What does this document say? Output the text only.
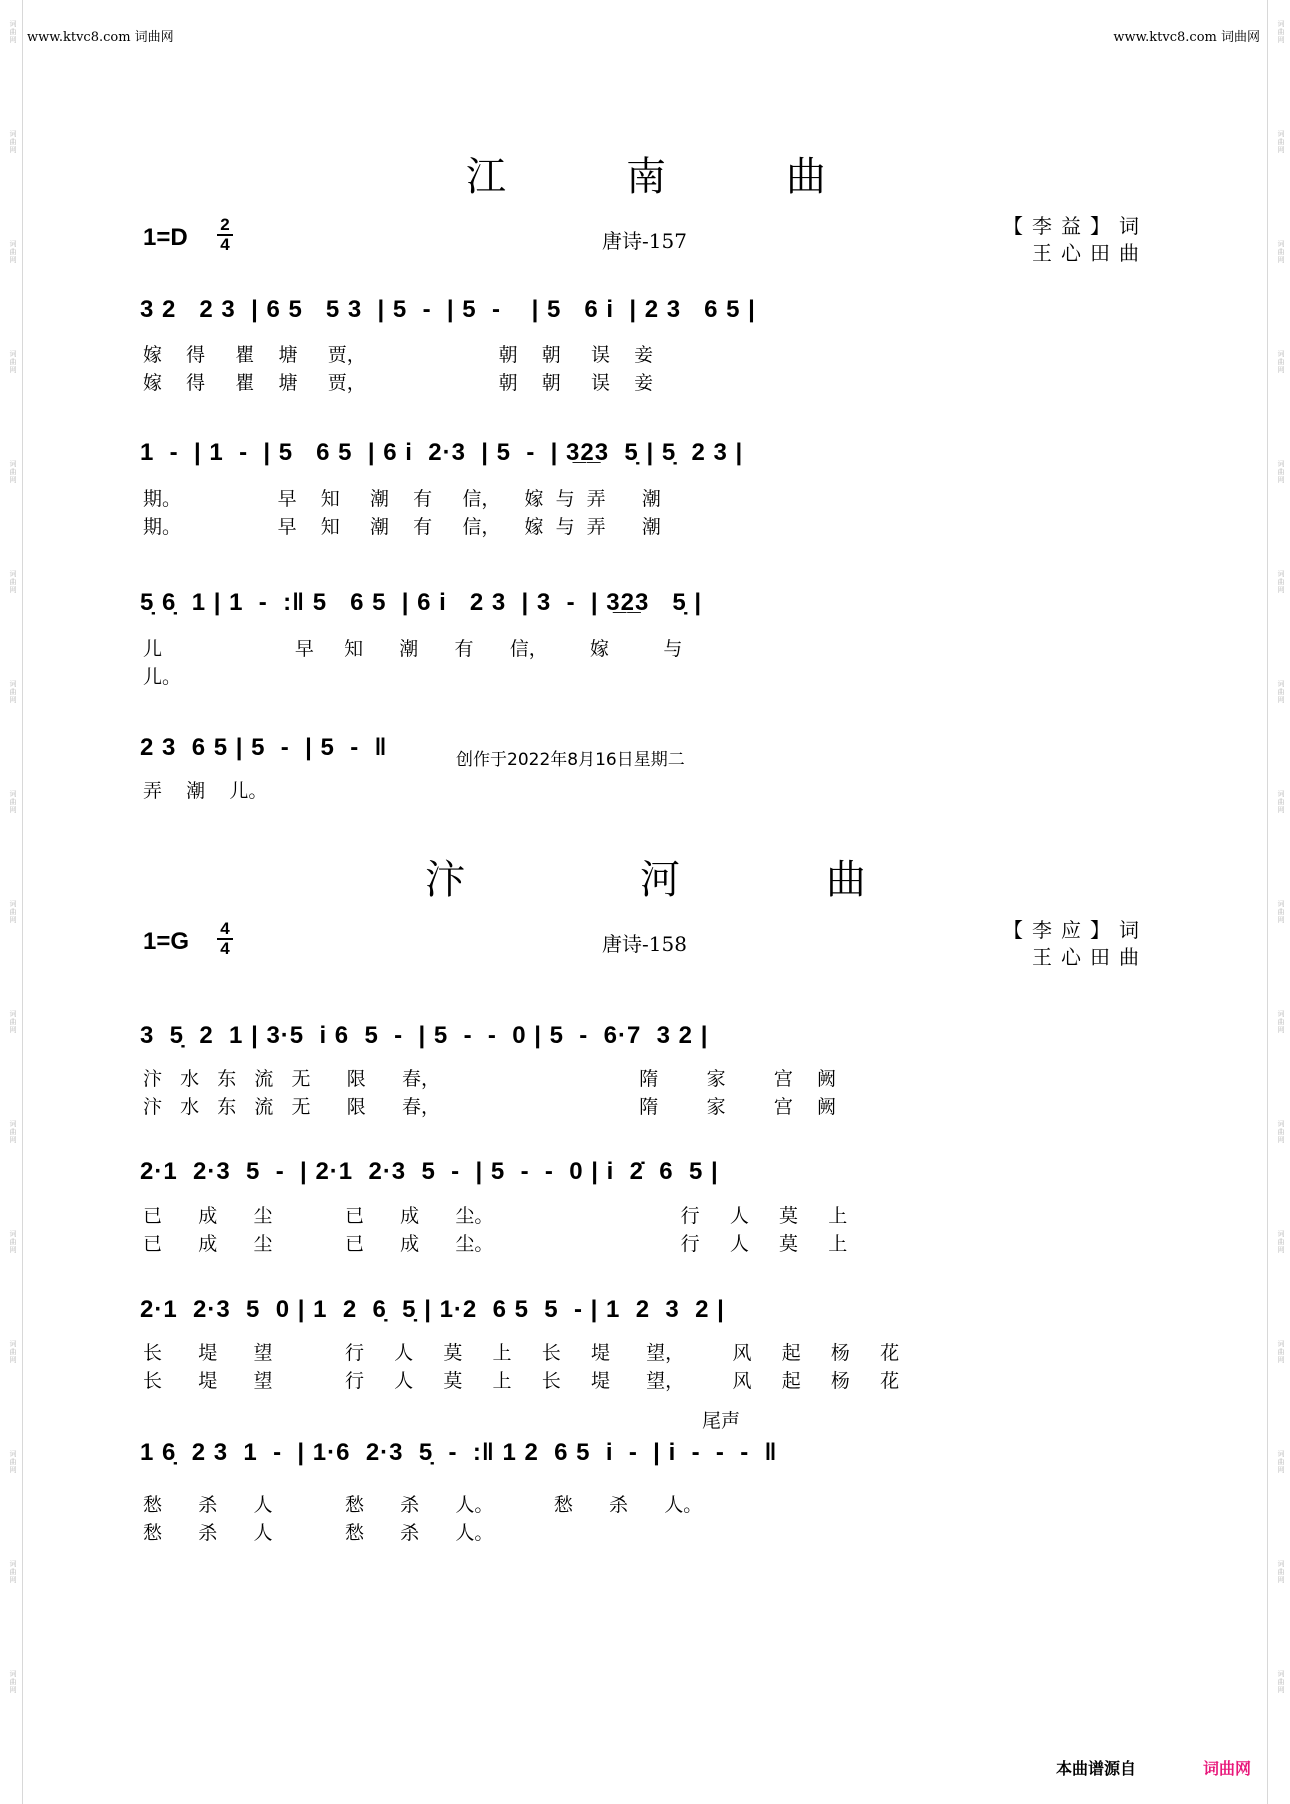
词曲网
词曲网
词曲网
词曲网
词曲网
词曲网
词曲网
词曲网
词曲网
词曲网
词曲网
词曲网
词曲网
词曲网
词曲网
词曲网
词曲网
词曲网
词曲网
词曲网
词曲网
词曲网
词曲网
词曲网
词曲网
词曲网
词曲网
词曲网
词曲网
词曲网
词曲网
词曲网
www.ktvc8.com 词曲网	www.ktvc8.com 词曲网
江	南	曲
1=D 2
4	唐诗-157
【李益】词
王心田曲
3 2   2 3  | 6 5   5 3  | 5  -  | 5  -    | 5   6 i  | 2 3   6 5 |
嫁    得     瞿    塘     贾，                      朝    朝     误    妾
嫁    得     瞿    塘     贾，                      朝    朝     误    妾
1  -  | 1  -  | 5   6 5  | 6 i  2·3  | 5  -  | 3̲2̲3  5̣ | 5̣  2 3 |
期。                早    知     潮    有     信，    嫁  与  弄      潮
期。                早    知     潮    有     信，    嫁  与  弄      潮
5̣ 6̣  1 | 1  -  :‖ 5   6 5  | 6 i   2 3  | 3  -  | 3̲2̲3   5̣ |
儿                      早     知      潮      有      信，       嫁         与
儿。
2 3  6 5 | 5  -  | 5  -  ‖	创作于2022年8月16日星期二
弄    潮    儿。
汴	河	曲
1=G 4
4	唐诗-158
【李应】词
王心田曲
3  5̣  2  1 | 3·5  i 6  5  -  | 5  -  -  0 | 5  -  6·7  3 2 |
汴   水   东   流   无      限      春，                                 隋        家        宫    阙
汴   水   东   流   无      限      春，                                 隋        家        宫    阙
2·1  2·3  5  -  | 2·1  2·3  5  -  | 5  -  -  0 | i  2̇  6  5 |
已      成      尘            已      成      尘。                               行     人     莫     上
已      成      尘            已      成      尘。                               行     人     莫     上
2·1  2·3  5  0 | 1  2  6̣  5̣ | 1·2  6 5  5  - | 1  2  3  2 |
长      堤      望            行     人     莫     上     长     堤      望，        风     起     杨     花
长      堤      望            行     人     莫     上     长     堤      望，        风     起     杨     花
尾声
1 6̣  2 3  1  -  | 1·6  2·3  5̣  -  :‖ 1 2  6 5  i  -  | i  -  -  -  ‖
愁      杀      人            愁      杀      人。          愁      杀      人。
愁      杀      人            愁      杀      人。
本曲谱源自	词曲网
